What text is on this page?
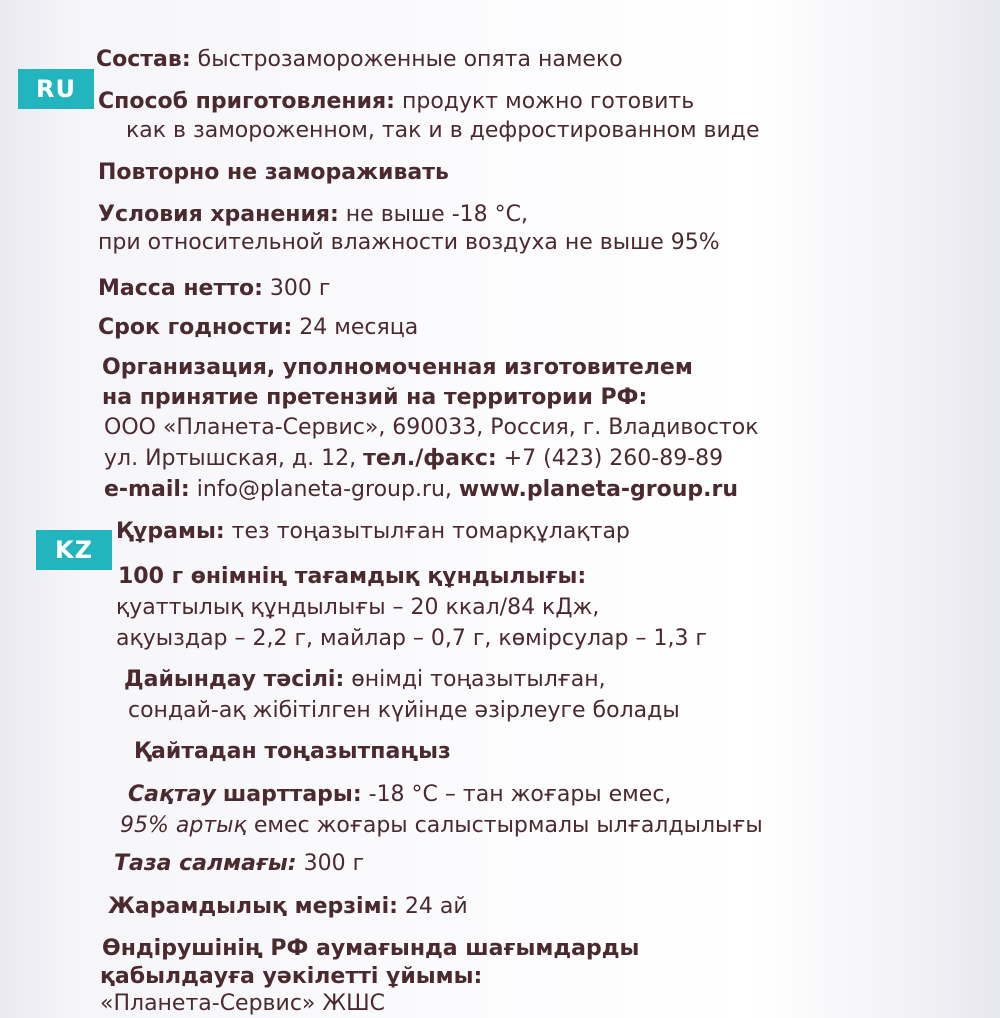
RU
Состав: быстрозамороженные опята намеко
Способ приготовления: продукт можно готовить
как в замороженном, так и в дефростированном виде
Повторно не замораживать
Условия хранения: не выше -18 °С,
при относительной влажности воздуха не выше 95%
Масса нетто: 300 г
Срок годности: 24 месяца
Организация, уполномоченная изготовителем
на принятие претензий на территории РФ:
ООО «Планета-Сервис», 690033, Россия, г. Владивосток
ул. Иртышская, д. 12, тел./факс: +7 (423) 260-89-89
e-mail: info@planeta-group.ru, www.planeta-group.ru
KZ
Құрамы: тез тоңазытылған томарқұлақтар
100 г өнімнің тағамдық құндылығы:
қуаттылық құндылығы – 20 ккал/84 кДж,
ақуыздар – 2,2 г, майлар – 0,7 г, көмірсулар – 1,3 г
Дайындау тәсілі: өнімді тоңазытылған,
сондай-ақ жібітілген күйінде әзірлеуге болады
Қайтадан тоңазытпаңыз
Сақтау шарттары: -18 °С – тан жоғары емес,
95% артық емес жоғары салыстырмалы ылғалдылығы
Таза салмағы: 300 г
Жарамдылық мерзімі: 24 ай
Өндірушінің РФ аумағында шағымдарды
қабылдауға уәкілетті ұйымы:
«Планета-Сервис» ЖШС
